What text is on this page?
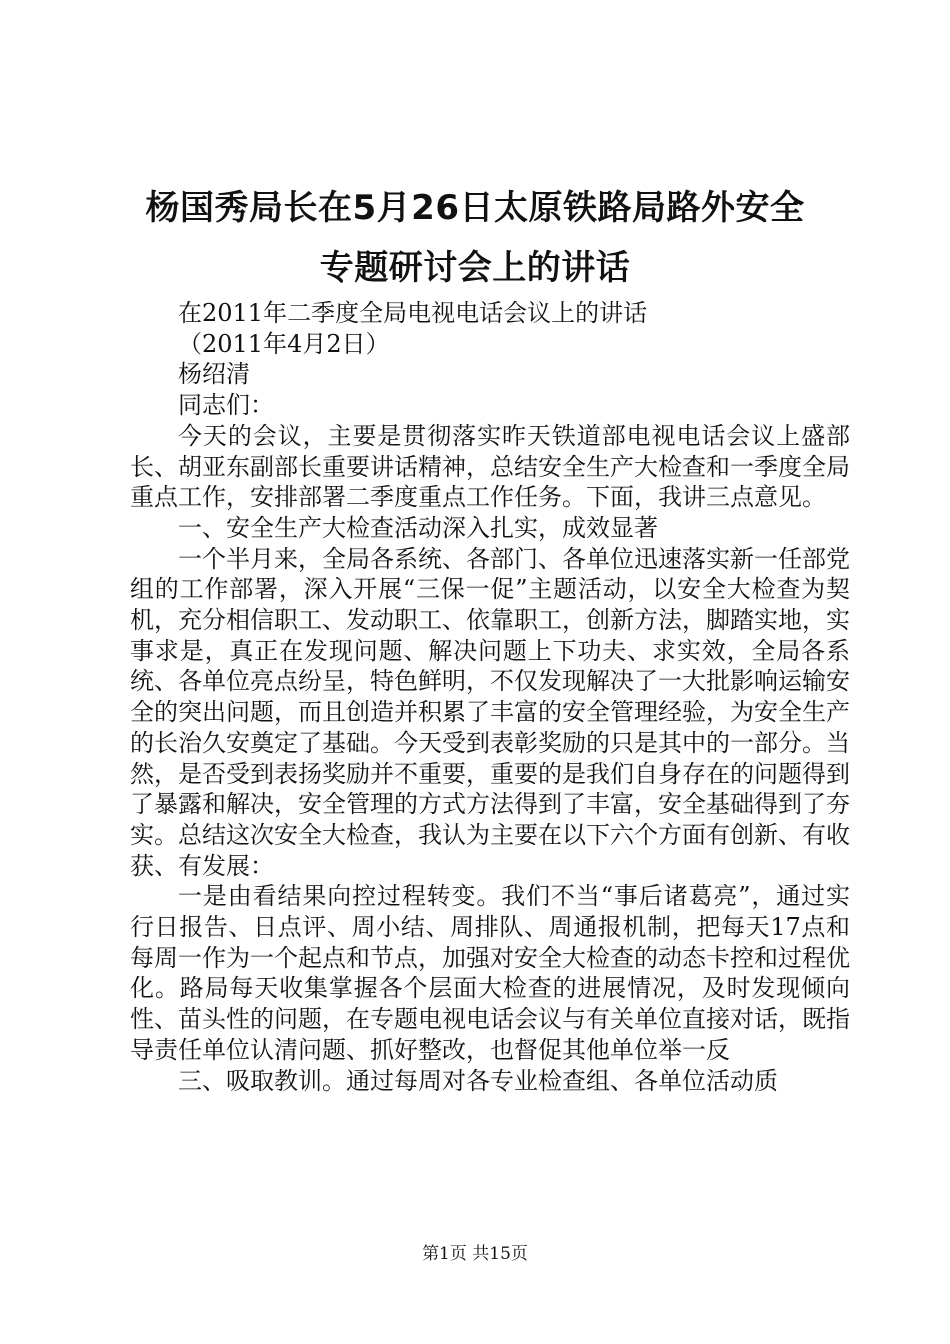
杨国秀局长在5月26日太原铁路局路外安全
专题研讨会上的讲话

在2011年二季度全局电视电话会议上的讲话

（2011年4月2日）

杨绍清

同志们：

今天的会议，主要是贯彻落实昨天铁道部电视电话会议上盛部长、胡亚东副部长重要讲话精神，总结安全生产大检查和一季度全局重点工作，安排部署二季度重点工作任务。下面，我讲三点意见。

一、安全生产大检查活动深入扎实，成效显著

一个半月来，全局各系统、各部门、各单位迅速落实新一任部党组的工作部署，深入开展“三保一促”主题活动，以安全大检查为契机，充分相信职工、发动职工、依靠职工，创新方法，脚踏实地，实事求是，真正在发现问题、解决问题上下功夫、求实效，全局各系统、各单位亮点纷呈，特色鲜明，不仅发现解决了一大批影响运输安全的突出问题，而且创造并积累了丰富的安全管理经验，为安全生产的长治久安奠定了基础。今天受到表彰奖励的只是其中的一部分。当然，是否受到表扬奖励并不重要，重要的是我们自身存在的问题得到了暴露和解决，安全管理的方式方法得到了丰富，安全基础得到了夯实。总结这次安全大检查，我认为主要在以下六个方面有创新、有收获、有发展：

一是由看结果向控过程转变。我们不当“事后诸葛亮”，通过实行日报告、日点评、周小结、周排队、周通报机制，把每天17点和每周一作为一个起点和节点，加强对安全大检查的动态卡控和过程优化。路局每天收集掌握各个层面大检查的进展情况，及时发现倾向性、苗头性的问题，在专题电视电话会议与有关单位直接对话，既指导责任单位认清问题、抓好整改，也督促其他单位举一反

三、吸取教训。通过每周对各专业检查组、各单位活动质

第1页 共15页
